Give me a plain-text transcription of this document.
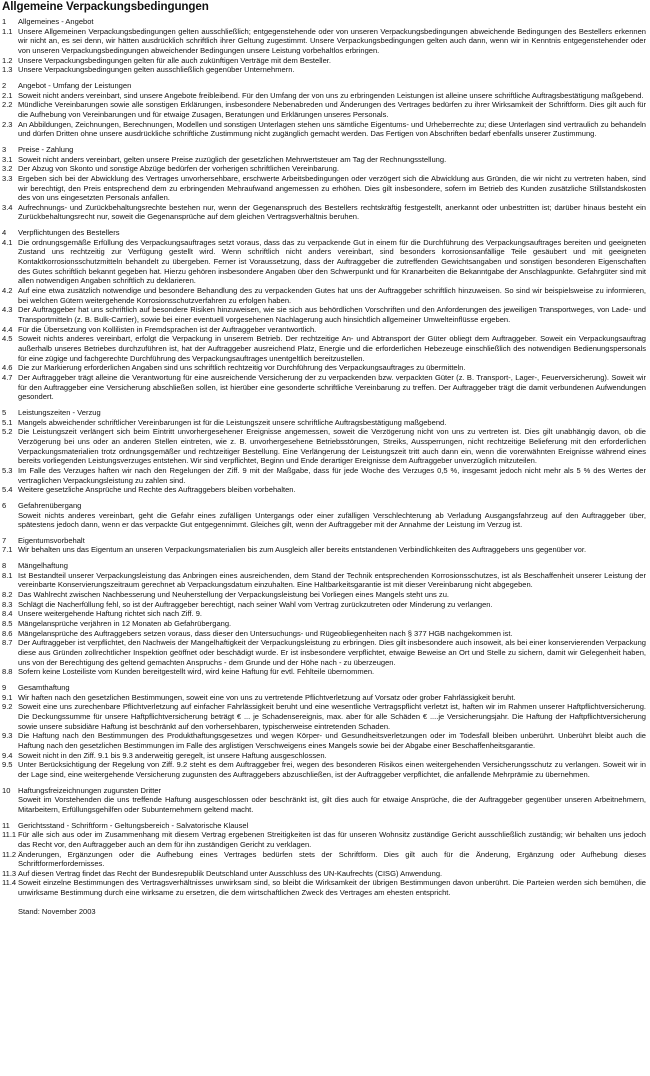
Allgemeine Verpackungsbedingungen
1	Allgemeines - Angebot
1.1 Unsere Allgemeinen Verpackungsbedingungen gelten ausschließlich; entgegenstehende oder von unseren Verpackungsbedingungen abweichende Bedingungen des Bestellers erkennen wir nicht an, es sei denn, wir hätten ausdrücklich schriftlich ihrer Geltung zugestimmt. Unsere Verpackungsbedingungen gelten auch dann, wenn wir in Kenntnis entgegenstehender oder von unseren Verpackungsbedingungen abweichender Bedingungen unsere Leistung vorbehaltlos erbringen.
1.2 Unsere Verpackungsbedingungen gelten für alle auch zukünftigen Verträge mit dem Besteller.
1.3 Unsere Verpackungsbedingungen gelten ausschließlich gegenüber Unternehmern.
2	Angebot - Umfang der Leistungen
2.1 Soweit nicht anders vereinbart, sind unsere Angebote freibleibend. Für den Umfang der von uns zu erbringenden Leistungen ist alleine unsere schriftliche Auftragsbestätigung maßgebend.
2.2 Mündliche Vereinbarungen sowie alle sonstigen Erklärungen, insbesondere Nebenabreden und Änderungen des Vertrages bedürfen zu ihrer Wirksamkeit der Schriftform. Dies gilt auch für die Aufhebung von Vereinbarungen und für etwaige Zusagen, Beratungen und Erklärungen unseres Personals.
2.3 An Abbildungen, Zeichnungen, Berechnungen, Modellen und sonstigen Unterlagen stehen uns sämtliche Eigentums- und Urheberrechte zu; diese Unterlagen sind vertraulich zu behandeln und dürfen Dritten ohne unsere ausdrückliche schriftliche Zustimmung nicht zugänglich gemacht werden. Das Fertigen von Abschriften bedarf ebenfalls unserer Zustimmung.
3	Preise - Zahlung
3.1 Soweit nicht anders vereinbart, gelten unsere Preise zuzüglich der gesetzlichen Mehrwertsteuer am Tag der Rechnungsstellung.
3.2 Der Abzug von Skonto und sonstige Abzüge bedürfen der vorherigen schriftlichen Vereinbarung.
3.3 Ergeben sich bei der Abwicklung des Vertrages unvorhersehbare, erschwerte Arbeitsbedingungen oder verzögert sich die Abwicklung aus Gründen, die wir nicht zu vertreten haben, sind wir berechtigt, den Preis entsprechend dem zu erbringenden Mehraufwand angemessen zu erhöhen. Dies gilt insbesondere, sofern im Betrieb des Kunden zusätzliche Stillstandskosten des von uns eingesetzten Personals anfallen.
3.4 Aufrechnungs- und Zurückbehaltungsrechte bestehen nur, wenn der Gegenanspruch des Bestellers rechtskräftig festgestellt, anerkannt oder unbestritten ist; darüber hinaus besteht ein Zurückbehaltungsrecht nur, soweit die Gegenansprüche auf dem gleichen Vertragsverhältnis beruhen.
4	Verpflichtungen des Bestellers
4.1 Die ordnungsgemäße Erfüllung des Verpackungsauftrages setzt voraus, dass das zu verpackende Gut in einem für die Durchführung des Verpackungsauftrages bereiten und geeigneten Zustand uns rechtzeitig zur Verfügung gestellt wird. Wenn schriftlich nicht anders vereinbart, sind besonders korrosionsanfällige Teile gesäubert und mit geeigneten Kontaktkorrosionsschutzmitteln behandelt zu übergeben. Ferner ist Voraussetzung, dass der Auftraggeber die zutreffenden Gewichtsangaben und sonstigen besonderen Eigenschaften des Gutes schriftlich bekannt gegeben hat. Hierzu gehören insbesondere Angaben über den Schwerpunkt und für Kranarbeiten die Bekanntgabe der Anschlagpunkte. Gefahrgüter sind mit allen notwendigen Angaben schriftlich zu deklarieren.
4.2 Auf eine etwa zusätzlich notwendige und besondere Behandlung des zu verpackenden Gutes hat uns der Auftraggeber schriftlich hinzuweisen. So sind wir beispielsweise zu informieren, bei welchen Gütern weitergehende Korrosionsschutzverfahren zu erfolgen haben.
4.3 Der Auftraggeber hat uns schriftlich auf besondere Risiken hinzuweisen, wie sie sich aus behördlichen Vorschriften und den Anforderungen des jeweiligen Transportweges, von Lade- und Transportmitteln (z. B. Bulk-Carrier), sowie bei einer eventuell vorgesehenen Nachlagerung auch hinsichtlich allgemeiner Umwelteinflüsse ergeben.
4.4 Für die Übersetzung von Kollilisten in Fremdsprachen ist der Auftraggeber verantwortlich.
4.5 Soweit nichts anderes vereinbart, erfolgt die Verpackung in unserem Betrieb. Der rechtzeitige An- und Abtransport der Güter obliegt dem Auftraggeber. Soweit ein Verpackungsauftrag außerhalb unseres Betriebes durchzuführen ist, hat der Auftraggeber ausreichend Platz, Energie und die erforderlichen Hebezeuge einschließlich des notwendigen Bedienungspersonals für eine zügige und fachgerechte Durchführung des Verpackungsauftrages unentgeltlich bereitzustellen.
4.6 Die zur Markierung erforderlichen Angaben sind uns schriftlich rechtzeitig vor Durchführung des Verpackungsauftrages zu übermitteln.
4.7 Der Auftraggeber trägt alleine die Verantwortung für eine ausreichende Versicherung der zu verpackenden bzw. verpackten Güter (z. B. Transport-, Lager-, Feuerversicherung). Soweit wir für den Auftraggeber eine Versicherung abschließen sollen, ist hierüber eine gesonderte schriftliche Vereinbarung zu treffen. Der Auftraggeber trägt die damit verbundenen Aufwendungen gesondert.
5	Leistungszeiten - Verzug
5.1 Mangels abweichender schriftlicher Vereinbarungen ist für die Leistungszeit unsere schriftliche Auftragsbestätigung maßgebend.
5.2 Die Leistungszeit verlängert sich beim Eintritt unvorhergesehener Ereignisse angemessen, soweit die Verzögerung nicht von uns zu vertreten ist. Dies gilt unabhängig davon, ob die Verzögerung bei uns oder an anderen Stellen eintreten, wie z. B. unvorhergesehene Betriebsstörungen, Streiks, Aussperrungen, nicht rechtzeitige Belieferung mit den erforderlichen Verpackungsmaterialien trotz ordnungsgemäßer und rechtzeitiger Bestellung. Eine Verlängerung der Leistungszeit tritt auch dann ein, wenn die vorerwähnten Ereignisse während eines bereits vorliegenden Leistungsverzuges entstehen. Wir sind verpflichtet, Beginn und Ende derartiger Ereignisse dem Auftraggeber unverzüglich mitzuteilen.
5.3 Im Falle des Verzuges haften wir nach den Regelungen der Ziff. 9 mit der Maßgabe, dass für jede Woche des Verzuges 0,5 %, insgesamt jedoch nicht mehr als 5 % des Wertes der vertraglichen Verpackungsleistung zu zahlen sind.
5.4 Weitere gesetzliche Ansprüche und Rechte des Auftraggebers bleiben vorbehalten.
6	Gefahrenübergang
Soweit nichts anderes vereinbart, geht die Gefahr eines zufälligen Untergangs oder einer zufälligen Verschlechterung ab Verladung Ausgangsfahrzeug auf den Auftraggeber über, spätestens jedoch dann, wenn er das verpackte Gut entgegennimmt. Gleiches gilt, wenn der Auftraggeber mit der Annahme der Leistung im Verzug ist.
7	Eigentumsvorbehalt
7.1 Wir behalten uns das Eigentum an unseren Verpackungsmaterialien bis zum Ausgleich aller bereits entstandenen Verbindlichkeiten des Auftraggebers uns gegenüber vor.
8	Mängelhaftung
8.1 Ist Bestandteil unserer Verpackungsleistung das Anbringen eines ausreichenden, dem Stand der Technik entsprechenden Korrosionsschutzes, ist als Beschaffenheit unserer Leistung der vereinbarte Konservierungszeitraum gerechnet ab Verpackungsdatum einzuhalten. Eine Haltbarkeitsgarantie ist mit dieser Vereinbarung nicht abgegeben.
8.2 Das Wahlrecht zwischen Nachbesserung und Neuherstellung der Verpackungsleistung bei Vorliegen eines Mangels steht uns zu.
8.3 Schlägt die Nacherfüllung fehl, so ist der Auftraggeber berechtigt, nach seiner Wahl vom Vertrag zurückzutreten oder Minderung zu verlangen.
8.4 Unsere weitergehende Haftung richtet sich nach Ziff. 9.
8.5 Mängelansprüche verjähren in 12 Monaten ab Gefahrübergang.
8.6 Mängelansprüche des Auftraggebers setzen voraus, dass dieser den Untersuchungs- und Rügeobliegenheiten nach § 377 HGB nachgekommen ist.
8.7 Der Auftraggeber ist verpflichtet, den Nachweis der Mangelhaftigkeit der Verpackungsleistung zu erbringen. Dies gilt insbesondere auch insoweit, als bei einer konservierenden Verpackung diese aus Gründen zollrechtlicher Inspektion geöffnet oder beschädigt wurde. Er ist insbesondere verpflichtet, etwaige Beweise an Ort und Stelle zu sichern, damit wir Gelegenheit haben, uns von der Berechtigung des geltend gemachten Anspruchs - dem Grunde und der Höhe nach - zu überzeugen.
8.8 Sofern keine Losteiliste vom Kunden bereitgestellt wird, wird keine Haftung für evtl. Fehlteile übernommen.
9	Gesamthaftung
9.1 Wir haften nach den gesetzlichen Bestimmungen, soweit eine von uns zu vertretende Pflichtverletzung auf Vorsatz oder grober Fahrlässigkeit beruht.
9.2 Soweit eine uns zurechenbare Pflichtverletzung auf einfacher Fahrlässigkeit beruht und eine wesentliche Vertragspflicht verletzt ist, haften wir im Rahmen unserer Haftpflichtversicherung. Die Deckungssumme für unsere Haftpflichtversicherung beträgt € ... je Schadensereignis, max. aber für alle Schäden € ....je Versicherungsjahr. Die Haftung der Haftpflichtversicherung sowie unsere subsidiäre Haftung ist beschränkt auf den vorhersehbaren, typischerweise eintretenden Schaden.
9.3 Die Haftung nach den Bestimmungen des Produkthaftungsgesetzes und wegen Körper- und Gesundheitsverletzungen oder im Todesfall bleiben unberührt. Unberührt bleibt auch die Haftung nach den gesetzlichen Bestimmungen im Falle des arglistigen Verschweigens eines Mangels sowie bei der Abgabe einer Beschaffenheitsgarantie.
9.4 Soweit nicht in den Ziff. 9.1 bis 9.3 anderweitig geregelt, ist unsere Haftung ausgeschlossen.
9.5 Unter Berücksichtigung der Regelung von Ziff. 9.2 steht es dem Auftraggeber frei, wegen des besonderen Risikos einen weitergehenden Versicherungsschutz zu verlangen. Soweit wir in der Lage sind, eine weitergehende Versicherung zugunsten des Auftraggebers abzuschließen, ist der Auftraggeber verpflichtet, die anfallende Mehrprämie zu übernehmen.
10	Haftungsfreizeichnungen zugunsten Dritter
Soweit im Vorstehenden die uns treffende Haftung ausgeschlossen oder beschränkt ist, gilt dies auch für etwaige Ansprüche, die der Auftraggeber gegenüber unseren Arbeitnehmern, Mitarbeitern, Erfüllungsgehilfen oder Subunternehmern geltend macht.
11	Gerichtsstand - Schriftform - Geltungsbereich - Salvatorische Klausel
11.1 Für alle sich aus oder im Zusammenhang mit diesem Vertrag ergebenen Streitigkeiten ist das für unseren Wohnsitz zuständige Gericht ausschließlich zuständig; wir behalten uns jedoch das Recht vor, den Auftraggeber auch an dem für ihn zuständigen Gericht zu verklagen.
11.2 Änderungen, Ergänzungen oder die Aufhebung eines Vertrages bedürfen stets der Schriftform. Dies gilt auch für die Änderung, Ergänzung oder Aufhebung dieses Schriftformerfordernisses.
11.3 Auf diesen Vertrag findet das Recht der Bundesrepublik Deutschland unter Ausschluss des UN-Kaufrechts (CISG) Anwendung.
11.4 Soweit einzelne Bestimmungen des Vertragsverhältnisses unwirksam sind, so bleibt die Wirksamkeit der übrigen Bestimmungen davon unberührt. Die Parteien werden sich bemühen, die unwirksame Bestimmung durch eine wirksame zu ersetzen, die dem wirtschaftlichen Zweck des Vertrages am ehesten entspricht.
Stand: November 2003
